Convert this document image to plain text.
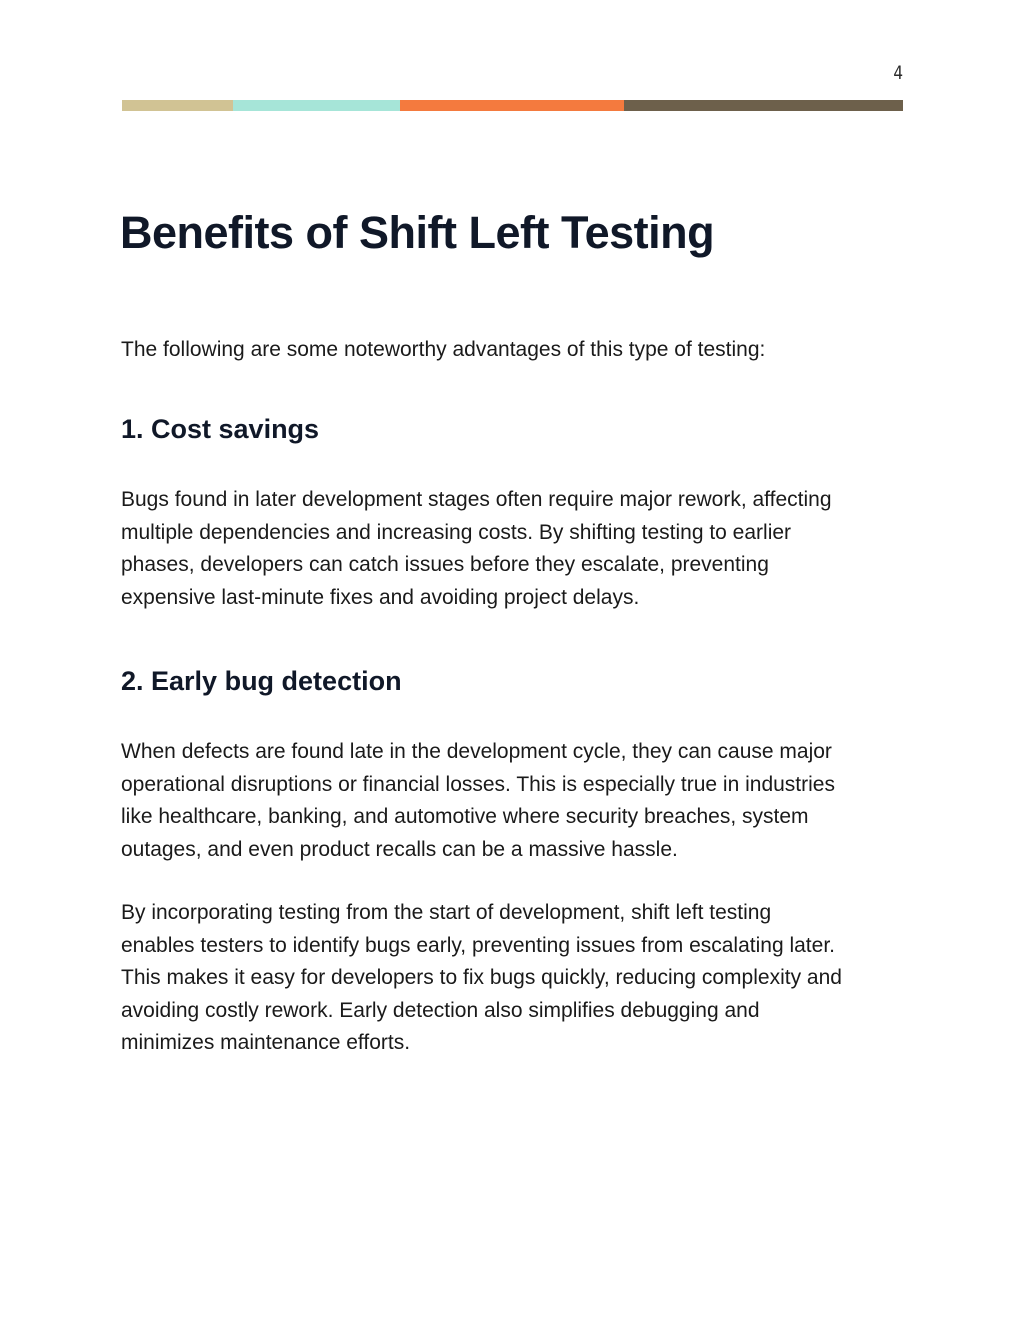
4
Benefits of Shift Left Testing

The following are some noteworthy advantages of this type of testing:

1. Cost savings

Bugs found in later development stages often require major rework, affecting
multiple dependencies and increasing costs. By shifting testing to earlier
phases, developers can catch issues before they escalate, preventing
expensive last-minute fixes and avoiding project delays.

2. Early bug detection

When defects are found late in the development cycle, they can cause major
operational disruptions or financial losses. This is especially true in industries
like healthcare, banking, and automotive where security breaches, system
outages, and even product recalls can be a massive hassle.

By incorporating testing from the start of development, shift left testing
enables testers to identify bugs early, preventing issues from escalating later.
This makes it easy for developers to fix bugs quickly, reducing complexity and
avoiding costly rework. Early detection also simplifies debugging and
minimizes maintenance efforts.
